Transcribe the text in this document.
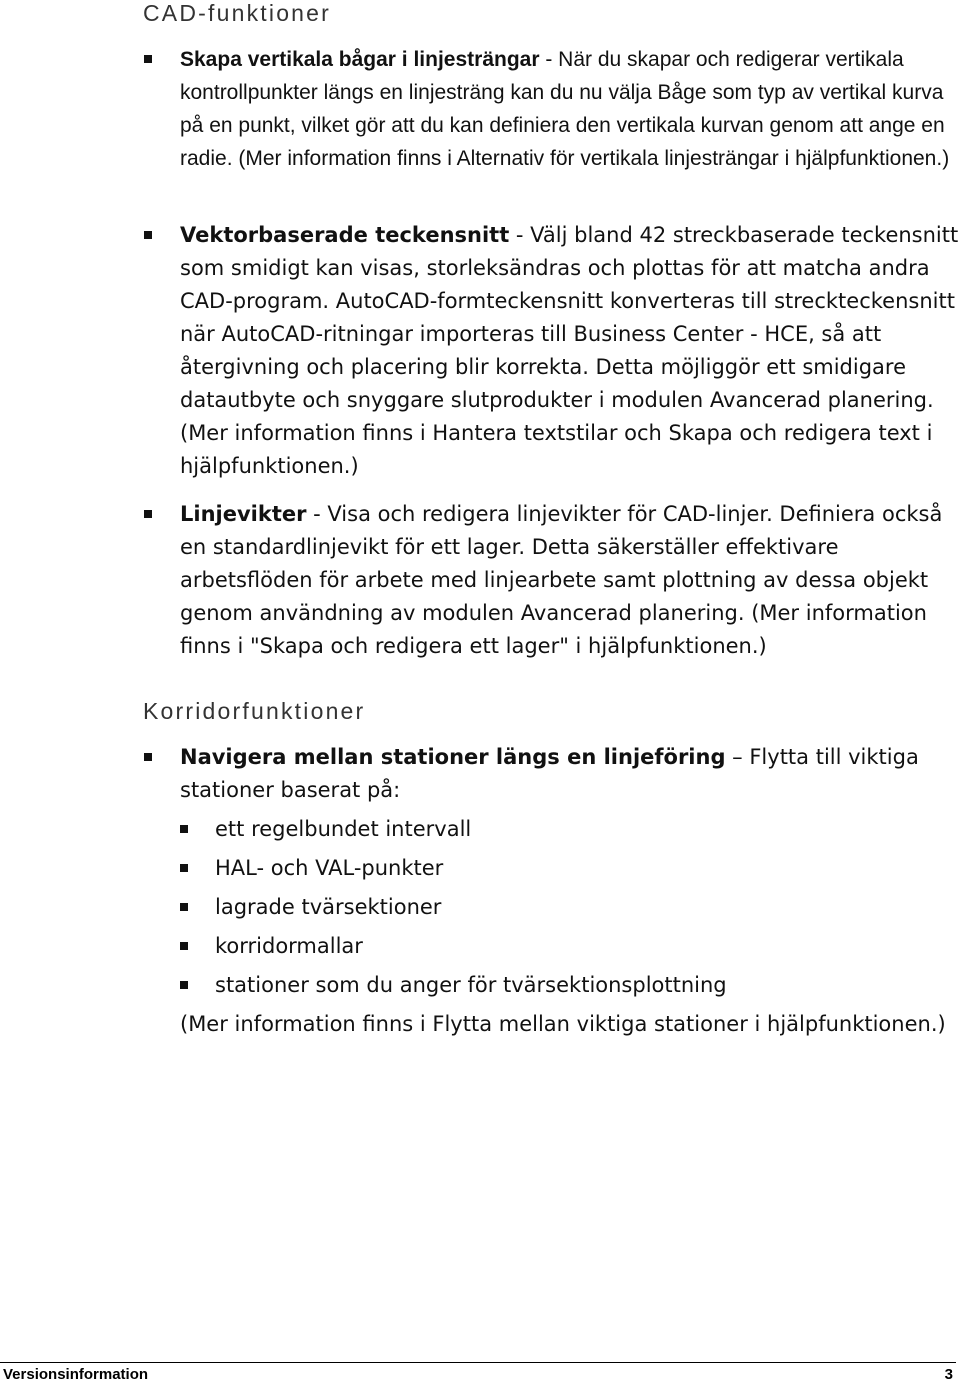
CAD-funktioner
Skapa vertikala bågar i linjesträngar - När du skapar och redigerar vertikala kontrollpunkter längs en linjesträng kan du nu välja Båge som typ av vertikal kurva på en punkt, vilket gör att du kan definiera den vertikala kurvan genom att ange en radie. (Mer information finns i Alternativ för vertikala linjesträngar i hjälpfunktionen.)
Vektorbaserade teckensnitt - Välj bland 42 streckbaserade teckensnitt som smidigt kan visas, storleksändras och plottas för att matcha andra CAD-program. AutoCAD-formteckensnitt konverteras till streckteckensnitt när AutoCAD-ritningar importeras till Business Center - HCE, så att återgivning och placering blir korrekta. Detta möjliggör ett smidigare datautbyte och snyggare slutprodukter i modulen Avancerad planering. (Mer information finns i Hantera textstilar och Skapa och redigera text i hjälpfunktionen.)
Linjevikter - Visa och redigera linjevikter för CAD-linjer. Definiera också en standardlinjevikt för ett lager. Detta säkerställer effektivare arbetsflöden för arbete med linjearbete samt plottning av dessa objekt genom användning av modulen Avancerad planering. (Mer information finns i "Skapa och redigera ett lager" i hjälpfunktionen.)
Korridorfunktioner
Navigera mellan stationer längs en linjeföring – Flytta till viktiga stationer baserat på:
ett regelbundet intervall
HAL- och VAL-punkter
lagrade tvärsektioner
korridormallar
stationer som du anger för tvärsektionsplottning
(Mer information finns i Flytta mellan viktiga stationer i hjälpfunktionen.)
Versionsinformation	3
